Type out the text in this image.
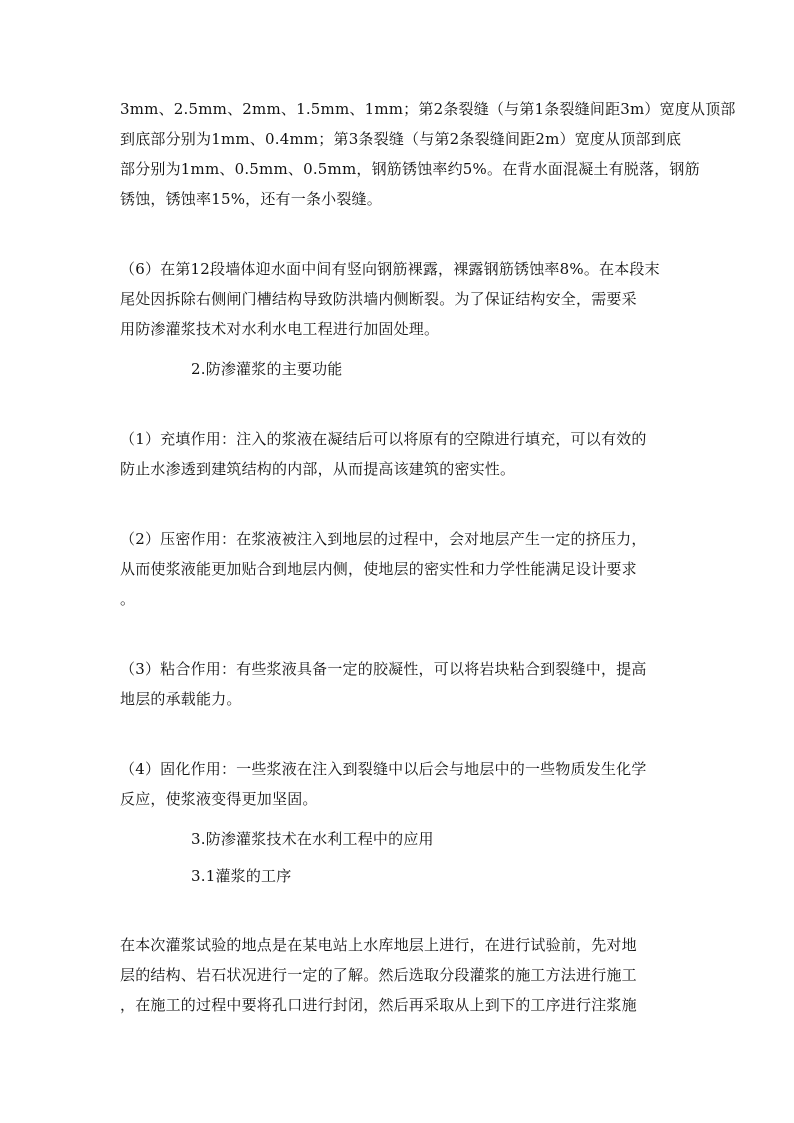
3mm、2.5mm、2mm、1.5mm、1mm；第2条裂缝（与第1条裂缝间距3m）宽度从顶部
到底部分别为1mm、0.4mm；第3条裂缝（与第2条裂缝间距2m）宽度从顶部到底
部分别为1mm、0.5mm、0.5mm，钢筋锈蚀率约5%。在背水面混凝土有脱落，钢筋
锈蚀，锈蚀率15%，还有一条小裂缝。

（6）在第12段墙体迎水面中间有竖向钢筋裸露，裸露钢筋锈蚀率8%。在本段末
尾处因拆除右侧闸门槽结构导致防洪墙内侧断裂。为了保证结构安全，需要采
用防渗灌浆技术对水利水电工程进行加固处理。

2.防渗灌浆的主要功能

（1）充填作用：注入的浆液在凝结后可以将原有的空隙进行填充，可以有效的
防止水渗透到建筑结构的内部，从而提高该建筑的密实性。

（2）压密作用：在浆液被注入到地层的过程中，会对地层产生一定的挤压力，
从而使浆液能更加贴合到地层内侧，使地层的密实性和力学性能满足设计要求
。

（3）粘合作用：有些浆液具备一定的胶凝性，可以将岩块粘合到裂缝中，提高
地层的承载能力。

（4）固化作用：一些浆液在注入到裂缝中以后会与地层中的一些物质发生化学
反应，使浆液变得更加坚固。

3.防渗灌浆技术在水利工程中的应用
3.1灌浆的工序

在本次灌浆试验的地点是在某电站上水库地层上进行，在进行试验前，先对地
层的结构、岩石状况进行一定的了解。然后选取分段灌浆的施工方法进行施工
，在施工的过程中要将孔口进行封闭，然后再采取从上到下的工序进行注浆施
